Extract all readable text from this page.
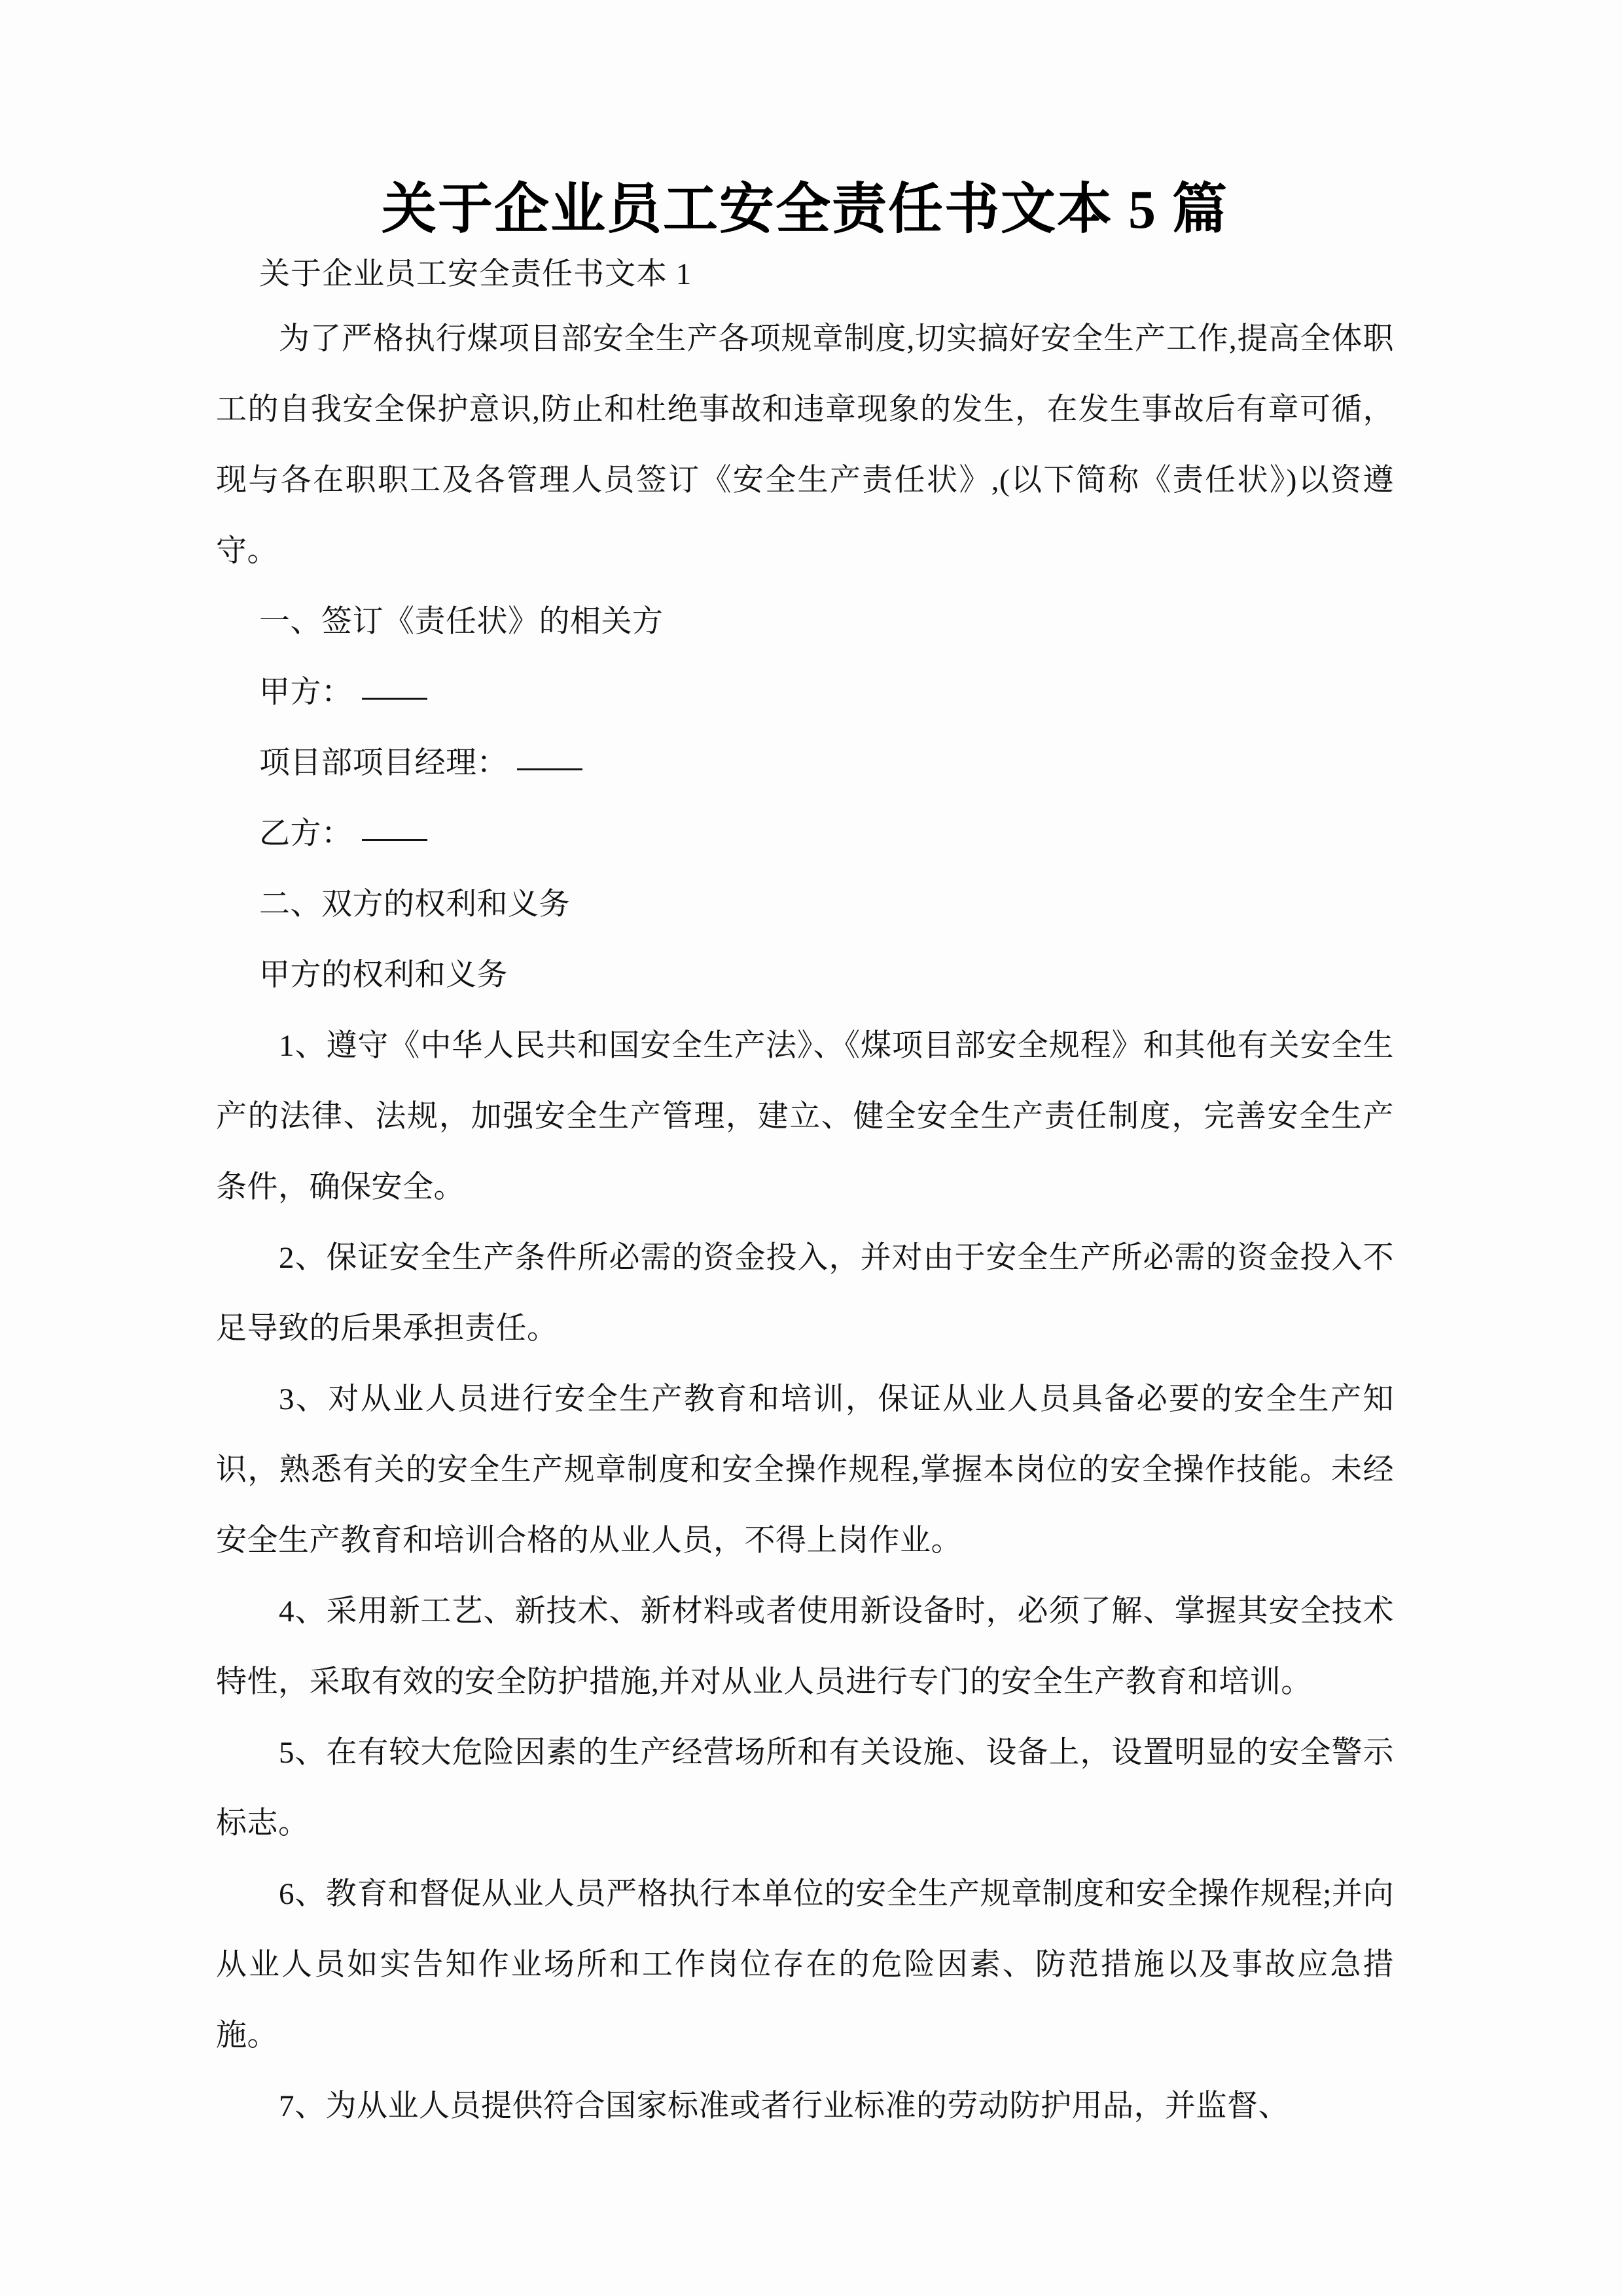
关于企业员工安全责任书文本 5 篇
关于企业员工安全责任书文本 1

为了严格执行煤项目部安全生产各项规章制度,切实搞好安全生产工作,提高全体职工的自我安全保护意识,防止和杜绝事故和违章现象的发生，在发生事故后有章可循，现与各在职职工及各管理人员签订《安全生产责任状》,(以下简称《责任状》)以资遵守。

一、签订《责任状》的相关方

甲方：

项目部项目经理：

乙方：

二、双方的权利和义务

甲方的权利和义务

1、遵守《中华人民共和国安全生产法》、《煤项目部安全规程》和其他有关安全生产的法律、法规，加强安全生产管理，建立、健全安全生产责任制度，完善安全生产条件，确保安全。

2、保证安全生产条件所必需的资金投入，并对由于安全生产所必需的资金投入不足导致的后果承担责任。

3、对从业人员进行安全生产教育和培训，保证从业人员具备必要的安全生产知识，熟悉有关的安全生产规章制度和安全操作规程,掌握本岗位的安全操作技能。未经安全生产教育和培训合格的从业人员，不得上岗作业。

4、采用新工艺、新技术、新材料或者使用新设备时，必须了解、掌握其安全技术特性，采取有效的安全防护措施,并对从业人员进行专门的安全生产教育和培训。

5、在有较大危险因素的生产经营场所和有关设施、设备上，设置明显的安全警示标志。

6、教育和督促从业人员严格执行本单位的安全生产规章制度和安全操作规程;并向从业人员如实告知作业场所和工作岗位存在的危险因素、防范措施以及事故应急措施。

7、为从业人员提供符合国家标准或者行业标准的劳动防护用品，并监督、
